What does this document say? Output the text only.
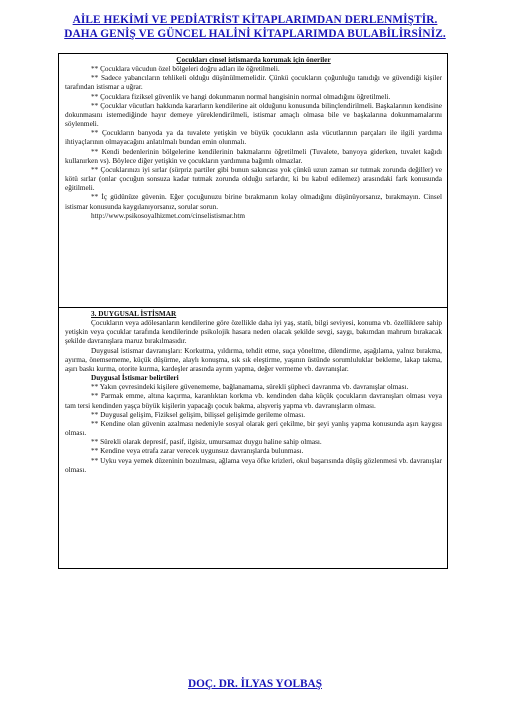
AİLE HEKİMİ VE PEDİATRİST KİTAPLARIMDAN DERLENMİŞTİR.
DAHA GENİŞ VE GÜNCEL HALİNİ KİTAPLARIMDA BULABİLİRSİNİZ.

Çocukları cinsel istismarda korumak için öneriler

** Çocuklara vücudun özel bölgeleri doğru adları ile öğretilmeli.

** Sadece yabancıların tehlikeli olduğu düşünülmemelidir. Çünkü çocukların çoğunluğu tanıdığı ve güvendiği kişiler tarafından istismar a uğrar.

** Çocuklara fiziksel güvenlik ve hangi dokunmanın normal hangisinin normal olmadığını öğretilmeli.

** Çocuklar vücutları hakkında kararların kendilerine ait olduğunu konusunda bilinçlendirilmeli. Başkalarının kendisine dokunmasını istemediğinde hayır demeye yüreklendirilmeli, istismar amaçlı olmasa bile ve başkalarına dokunmamalarını söylenmeli.

** Çocukların banyoda ya da tuvalete yetişkin ve büyük çocukların asla vücutlarının parçaları ile ilgili yardıma ihtiyaçlarının olmayacağını anlatılmalı bundan emin olunmalı.

** Kendi bedenlerinin bölgelerine kendilerinin bakmalarını öğretilmeli (Tuvalete, banyoya giderken, tuvalet kağıdı kullanırken vs). Böylece diğer yetişkin ve çocukların yardımına bağımlı olmazlar.

** Çocuklarınızı iyi sırlar (sürpriz partiler gibi bunun sakıncası yok çünkü uzun zaman sır tutmak zorunda değiller) ve kötü sırlar (onlar çocuğun sonsuza kadar tutmak zorunda olduğu sırlardır, ki bu kabul edilemez) arasındaki fark konusunda eğitilmeli.

** İç güdünüze güvenin. Eğer çocuğunuzu birine bırakmanın kolay olmadığını düşünüyorsanız, bırakmayın. Cinsel istismar konusunda kaygılanıyorsanız, sorular sorun.

http://www.psikosoyalhizmet.com/cinselistismar.htm

3. DUYGUSAL İSTİSMAR

Çocukların veya adölesanların kendilerine göre özellikle daha iyi yaş, statü, bilgi seviyesi, konuma vb. özelliklere sahip yetişkin veya çocuklar tarafında kendilerinde psikolojik hasara neden olacak şekilde sevgi, saygı, bakımdan mahrum bırakacak şekilde davranışlara maruz bırakılmasıdır.

Duygusal istismar davranışları: Korkutma, yıldırma, tehdit etme, suça yöneltme, dilendirme, aşağılama, yalnız bırakma, ayırma, önemsememe, küçük düşürme, alaylı konuşma, sık sık eleştirme, yaşının üstünde sorumluluklar bekleme, lakap takma, aşırı baskı kurma, otorite kurma, kardeşler arasında ayrım yapma, değer vermeme vb. davranışlar.

Duygusal İstismar belirtileri

** Yakın çevresindeki kişilere güvenememe, bağlanamama, sürekli şüpheci davranma vb. davranışlar olması.

** Parmak emme, altına kaçırma, karanlıktan korkma vb. kendinden daha küçük çocukların davranışları olması veya tam tersi kendinden yaşça büyük kişilerin yapacağı çocuk bakma, alışveriş yapma vb. davranışların olması.

** Duygusal gelişim, Fiziksel gelişim, bilişsel gelişimde gerileme olması.

** Kendine olan güvenin azalması nedeniyle sosyal olarak geri çekilme, bir şeyi yanlış yapma konusunda aşırı kaygısı olması.

** Sürekli olarak depresif, pasif, ilgisiz, umursamaz duygu haline sahip olması.

** Kendine veya etrafa zarar verecek uygunsuz davranışlarda bulunması.

** Uyku veya yemek düzeninin bozulması, ağlama veya öfke krizleri, okul başarısında düşüş gözlenmesi vb. davranışlar olması.

DOÇ. DR. İLYAS YOLBAŞ
